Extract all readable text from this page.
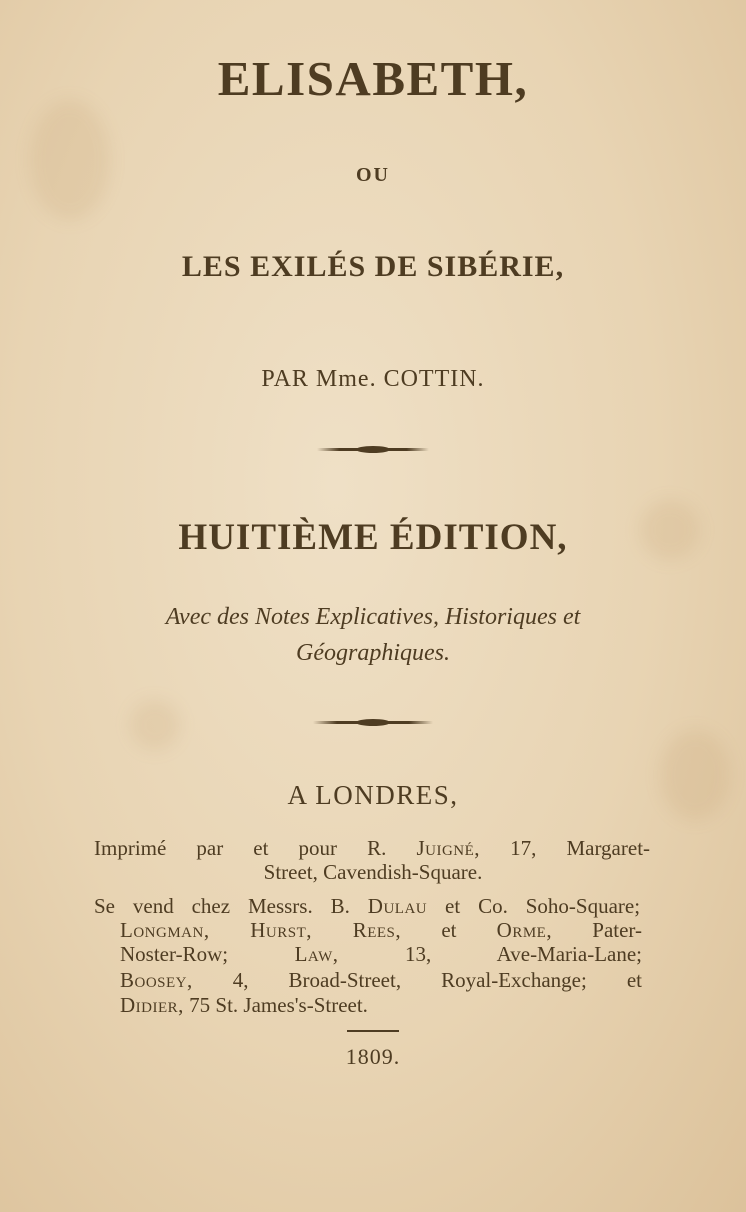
ELISABETH,

OU

LES EXILÉS DE SIBÉRIE,

PAR Mme. COTTIN.

HUITIÈME ÉDITION,

Avec des Notes Explicatives, Historiques et

Géographiques.

A LONDRES,

Imprimé par et pour R. Juigné, 17, Margaret-

Street, Cavendish-Square.

Se vend chez Messrs. B. Dulau et Co. Soho-Square;

Longman, Hurst, Rees, et Orme, Pater-

Noster-Row;	Law,	13, Ave-Maria-Lane;

Boosey, 4, Broad-Street, Royal-Exchange; et

Didier, 75 St. James's-Street.

1809.
